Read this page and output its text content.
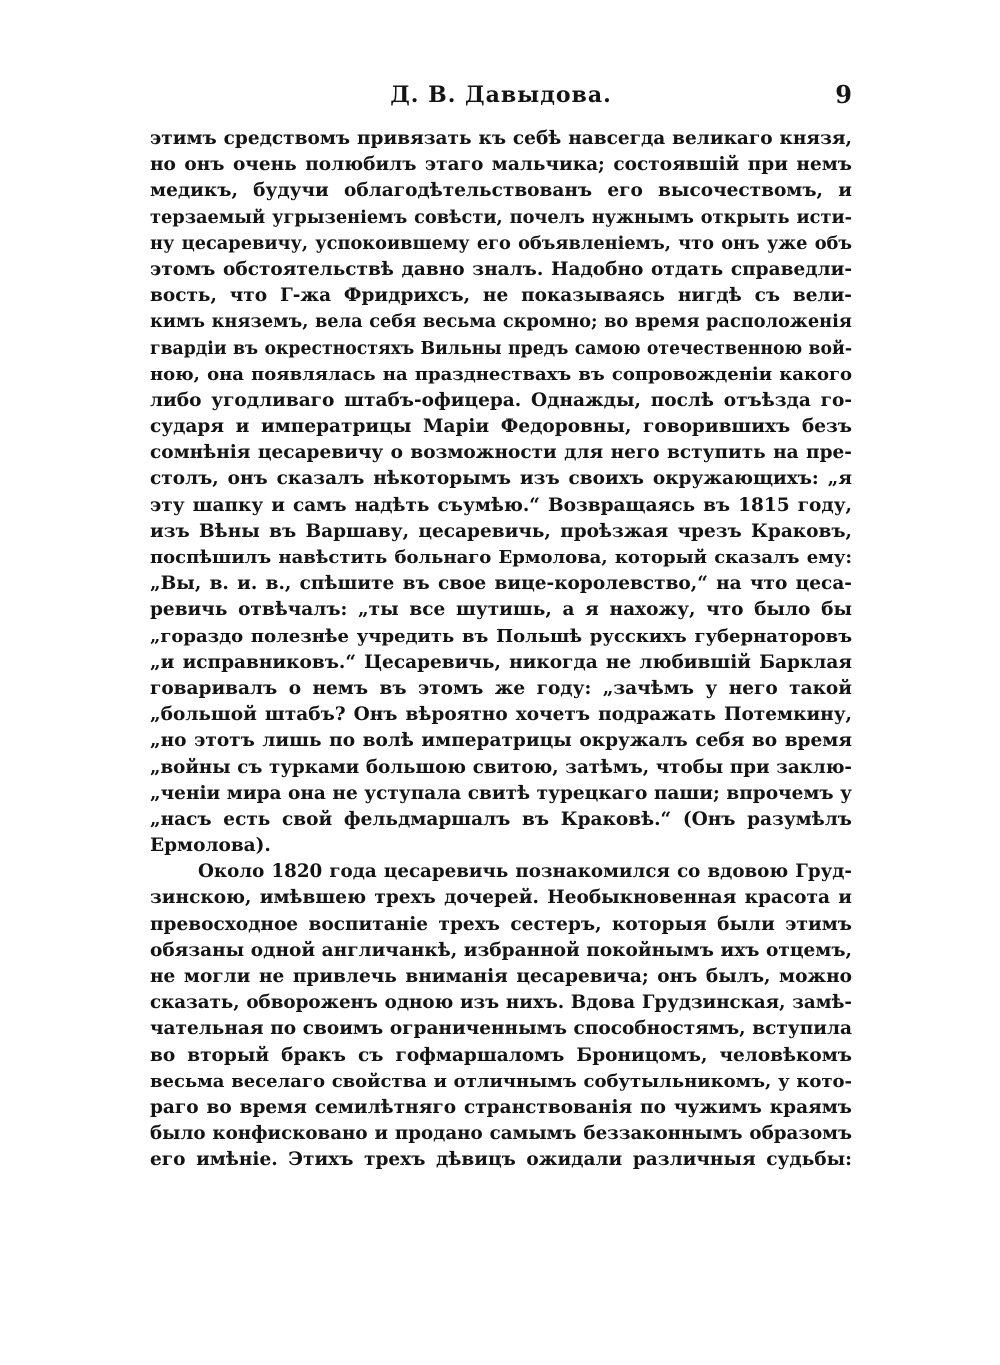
Д. В. Давыдова.	9
этимъ средствомъ привязать къ себѣ навсегда великаго князя,
но онъ очень полюбилъ этаго мальчика; состоявшій при немъ
медикъ, будучи облагодѣтельствованъ его высочествомъ, и
терзаемый угрызеніемъ совѣсти, почелъ нужнымъ открыть исти-
ну цесаревичу, успокоившему его объявленіемъ, что онъ уже объ
этомъ обстоятельствѣ давно зналъ. Надобно отдать справедли-
вость, что Г-жа Фридрихсъ, не показываясь нигдѣ съ вели-
кимъ княземъ, вела себя весьма скромно; во время расположенія
гвардіи въ окрестностяхъ Вильны предъ самою отечественною вой-
ною, она появлялась на празднествахъ въ сопровожденіи какого
либо угодливаго штабъ-офицера. Однажды, послѣ отъѣзда го-
сударя и императрицы Маріи Федоровны, говорившихъ безъ
сомнѣнія цесаревичу о возможности для него вступить на пре-
столъ, онъ сказалъ нѣкоторымъ изъ своихъ окружающихъ: „я
эту шапку и самъ надѣть съумѣю.“ Возвращаясь въ 1815 году,
изъ Вѣны въ Варшаву, цесаревичь, проѣзжая чрезъ Краковъ,
поспѣшилъ навѣстить больнаго Ермолова, который сказалъ ему:
„Вы, в. и. в., спѣшите въ свое вице-королевство,“ на что цеса-
ревичь отвѣчалъ: „ты все шутишь, а я нахожу, что было бы
„гораздо полезнѣе учредить въ Польшѣ русскихъ губернаторовъ
„и исправниковъ.“ Цесаревичь, никогда не любившій Барклая
говаривалъ о немъ въ этомъ же году: „зачѣмъ у него такой
„большой штабъ? Онъ вѣроятно хочетъ подражать Потемкину,
„но этотъ лишь по волѣ императрицы окружалъ себя во время
„войны съ турками большою свитою, затѣмъ, чтобы при заклю-
„ченіи мира она не уступала свитѣ турецкаго паши; впрочемъ у
„насъ есть свой фельдмаршалъ въ Краковѣ.“ (Онъ разумѣлъ
Ермолова).
Около 1820 года цесаревичь познакомился со вдовою Груд-
зинскою, имѣвшею трехъ дочерей. Необыкновенная красота и
превосходное воспитаніе трехъ сестеръ, которыя были этимъ
обязаны одной англичанкѣ, избранной покойнымъ ихъ отцемъ,
не могли не привлечь вниманія цесаревича; онъ былъ, можно
сказать, обвороженъ одною изъ нихъ. Вдова Грудзинская, замѣ-
чательная по своимъ ограниченнымъ способностямъ, вступила
во вторый бракъ съ гофмаршаломъ Броницомъ, человѣкомъ
весьма веселаго свойства и отличнымъ собутыльникомъ, у кото-
раго во время семилѣтняго странствованія по чужимъ краямъ
было конфисковано и продано самымъ беззаконнымъ образомъ
его имѣніе. Этихъ трехъ дѣвицъ ожидали различныя судьбы:
